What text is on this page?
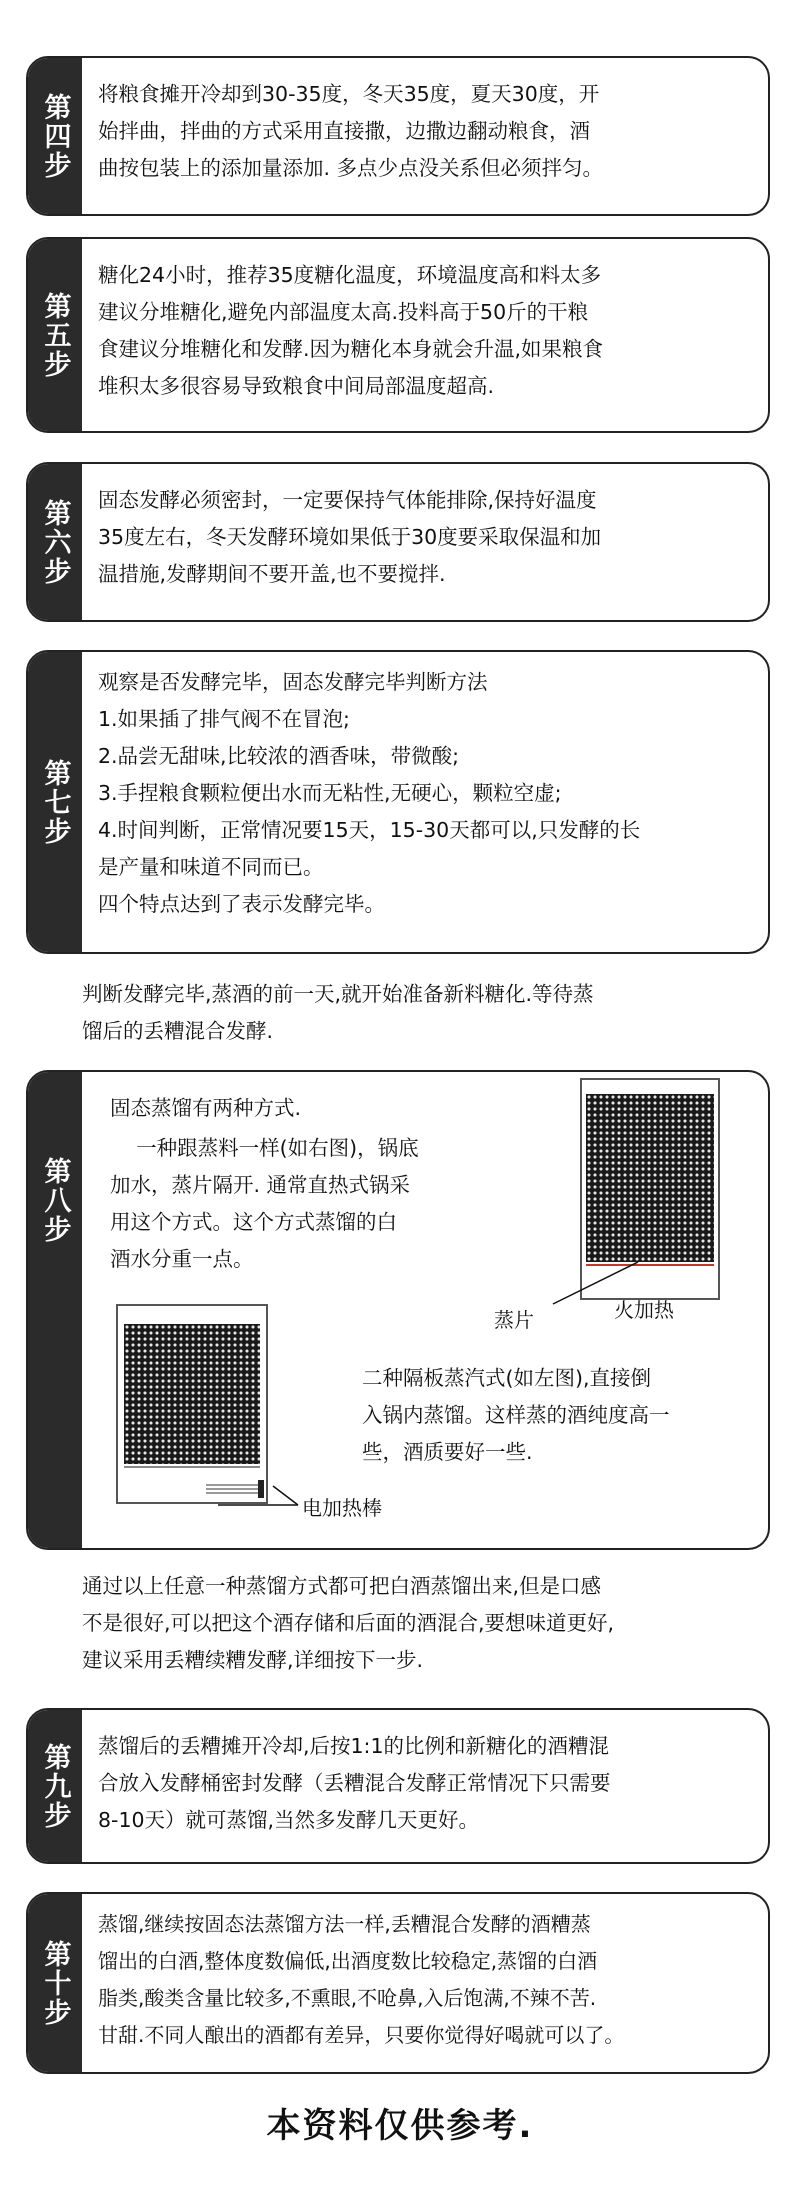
第四步 将粮食摊开冷却到30-35度，冬天35度，夏天30度，开
始拌曲，拌曲的方式采用直接撒，边撒边翻动粮食，酒
曲按包装上的添加量添加. 多点少点没关系但必须拌匀。
第五步
糖化24小时，推荐35度糖化温度，环境温度高和料太多
建议分堆糖化,避免内部温度太高.投料高于50斤的干粮
食建议分堆糖化和发酵.因为糖化本身就会升温,如果粮食
堆积太多很容易导致粮食中间局部温度超高.
第六步 固态发酵必须密封，一定要保持气体能排除,保持好温度
35度左右，冬天发酵环境如果低于30度要采取保温和加
温措施,发酵期间不要开盖,也不要搅拌.
第七步
观察是否发酵完毕，固态发酵完毕判断方法
1.如果插了排气阀不在冒泡;
2.品尝无甜味,比较浓的酒香味，带微酸;
3.手捏粮食颗粒便出水而无粘性,无硬心，颗粒空虚;
4.时间判断，正常情况要15天，15-30天都可以,只发酵的长
是产量和味道不同而已。
四个特点达到了表示发酵完毕。
判断发酵完毕,蒸酒的前一天,就开始准备新料糖化.等待蒸
馏后的丢糟混合发酵.
第八步
固态蒸馏有两种方式.
一种跟蒸料一样(如右图)，锅底
加水，蒸片隔开. 通常直热式锅采
用这个方式。这个方式蒸馏的白
酒水分重一点。
蒸片	火加热
电加热棒
二种隔板蒸汽式(如左图),直接倒
入锅内蒸馏。这样蒸的酒纯度高一
些，酒质要好一些.
通过以上任意一种蒸馏方式都可把白酒蒸馏出来,但是口感
不是很好,可以把这个酒存储和后面的酒混合,要想味道更好,
建议采用丢糟续糟发酵,详细按下一步.
第九步 蒸馏后的丢糟摊开冷却,后按1:1的比例和新糖化的酒糟混
合放入发酵桶密封发酵（丢糟混合发酵正常情况下只需要
8-10天）就可蒸馏,当然多发酵几天更好。
第十步
蒸馏,继续按固态法蒸馏方法一样,丢糟混合发酵的酒糟蒸
馏出的白酒,整体度数偏低,出酒度数比较稳定,蒸馏的白酒
脂类,酸类含量比较多,不熏眼,不呛鼻,入后饱满,不辣不苦.
甘甜.不同人酿出的酒都有差异，只要你觉得好喝就可以了。
本资料仅供参考.
